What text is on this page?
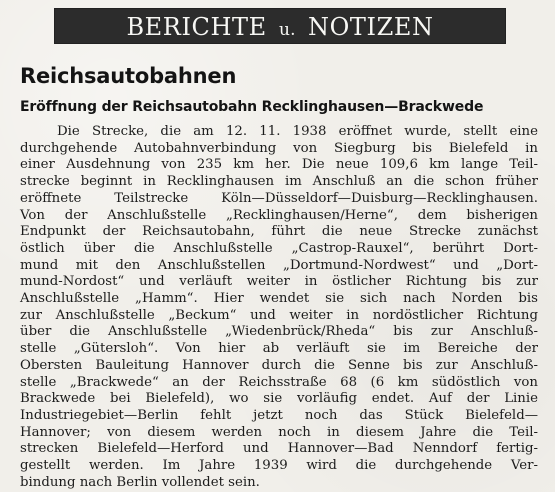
BERICHTE u. NOTIZEN
Reichsautobahnen
Eröffnung der Reichsautobahn Recklinghausen—Brackwede
Die Strecke, die am 12. 11. 1938 eröffnet wurde, stellt eine
durchgehende Autobahnverbindung von Siegburg bis Bielefeld in
einer Ausdehnung von 235 km her. Die neue 109,6 km lange Teil-
strecke beginnt in Recklinghausen im Anschluß an die schon früher
eröffnete Teilstrecke Köln—Düsseldorf—Duisburg—Recklinghausen.
Von der Anschlußstelle „Recklinghausen/Herne“, dem bisherigen
Endpunkt der Reichsautobahn, führt die neue Strecke zunächst
östlich über die Anschlußstelle „Castrop-Rauxel“, berührt Dort-
mund mit den Anschlußstellen „Dortmund-Nordwest“ und „Dort-
mund-Nordost“ und verläuft weiter in östlicher Richtung bis zur
Anschlußstelle „Hamm“. Hier wendet sie sich nach Norden bis
zur Anschlußstelle „Beckum“ und weiter in nordöstlicher Richtung
über die Anschlußstelle „Wiedenbrück/Rheda“ bis zur Anschluß-
stelle „Gütersloh“. Von hier ab verläuft sie im Bereiche der
Obersten Bauleitung Hannover durch die Senne bis zur Anschluß-
stelle „Brackwede“ an der Reichsstraße 68 (6 km südöstlich von
Brackwede bei Bielefeld), wo sie vorläufig endet. Auf der Linie
Industriegebiet—Berlin fehlt jetzt noch das Stück Bielefeld—
Hannover; von diesem werden noch in diesem Jahre die Teil-
strecken Bielefeld—Herford und Hannover—Bad Nenndorf fertig-
gestellt werden. Im Jahre 1939 wird die durchgehende Ver-
bindung nach Berlin vollendet sein.
